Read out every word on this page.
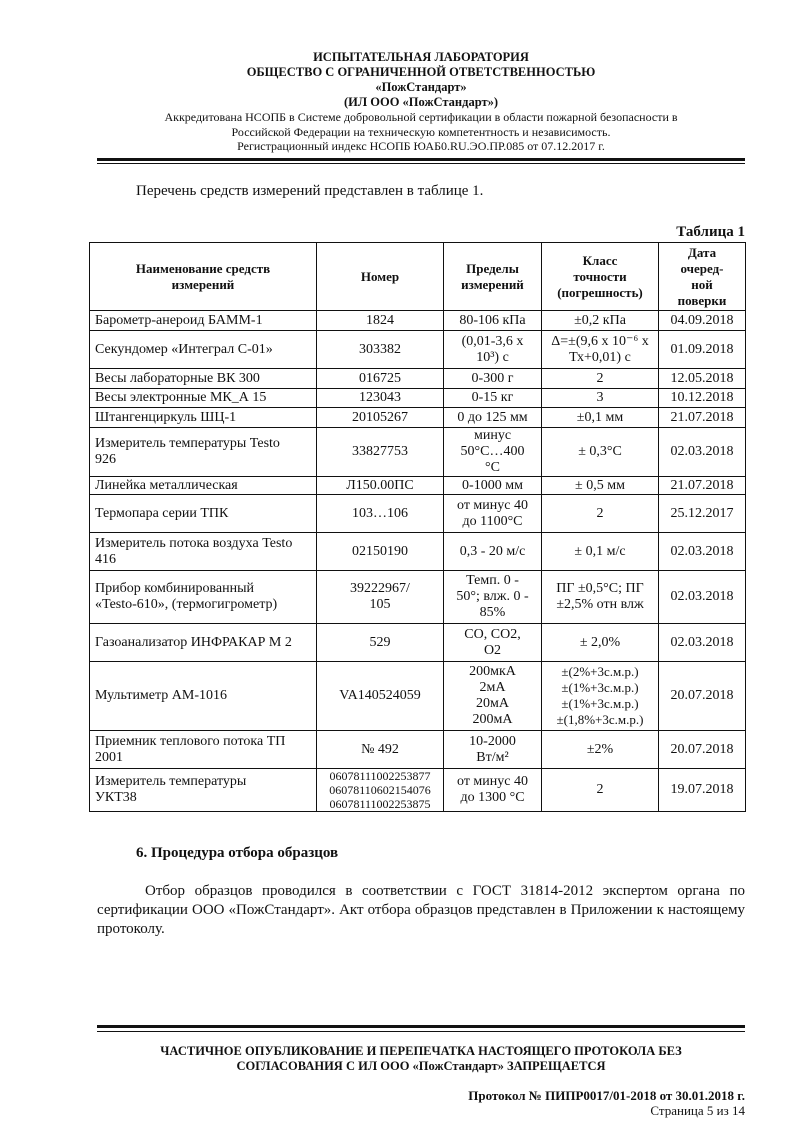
ИСПЫТАТЕЛЬНАЯ ЛАБОРАТОРИЯ
ОБЩЕСТВО С ОГРАНИЧЕННОЙ ОТВЕТСТВЕННОСТЬЮ
«ПожСтандарт»
(ИЛ ООО «ПожСтандарт»)
Аккредитована НСОПБ в Системе добровольной сертификации в области пожарной безопасности в
Российской Федерации на техническую компетентность и независимость.
Регистрационный индекс НСОПБ ЮАБ0.RU.ЭО.ПР.085 от 07.12.2017 г.
Перечень средств измерений представлен в таблице 1.
Таблица 1
Наименование средств
измерений	Номер	Пределы
измерений	Класс
точности
(погрешность)	Дата
очеред-
ной
поверки
Барометр-анероид БАММ-1	1824	80-106 кПа	±0,2 кПа	04.09.2018
Секундомер «Интеграл С-01»	303382	(0,01-3,6 х
10³) с	Δ=±(9,6 х 10⁻⁶ х
Тх+0,01) с	01.09.2018
Весы лабораторные ВК 300	016725	0-300 г	2	12.05.2018
Весы электронные МК_А 15	123043	0-15 кг	3	10.12.2018
Штангенциркуль ШЦ-1	20105267	0 до 125 мм	±0,1 мм	21.07.2018
Измеритель температуры Testo
926	33827753	минус
50°С…400
°С	± 0,3°С	02.03.2018
Линейка металлическая	Л150.00ПС	0-1000 мм	± 0,5 мм	21.07.2018
Термопара серии ТПК	103…106	от минус 40
до 1100°С	2	25.12.2017
Измеритель потока воздуха Testo
416	02150190	0,3 - 20 м/с	± 0,1 м/с	02.03.2018
Прибор комбинированный
«Testo-610», (термогигрометр)	39222967/
105	Темп. 0 -
50°; влж. 0 -
85%	ПГ ±0,5°С; ПГ
±2,5% отн влж	02.03.2018
Газоанализатор ИНФРАКАР М 2	529	СО, СО2,
О2	± 2,0%	02.03.2018
Мультиметр АМ-1016	VA140524059	200мкА
2мА
20мА
200мА	±(2%+3с.м.р.)
±(1%+3с.м.р.)
±(1%+3с.м.р.)
±(1,8%+3с.м.р.)	20.07.2018
Приемник теплового потока ТП
2001	№ 492	10-2000
Вт/м²	±2%	20.07.2018
Измеритель температуры
УКТ38	06078111002253877
06078110602154076
06078111002253875	от минус 40
до 1300 °С	2	19.07.2018
6. Процедура отбора образцов
Отбор образцов проводился в соответствии с ГОСТ 31814-2012 экспертом органа по сертификации ООО «ПожСтандарт». Акт отбора образцов представлен в Приложении к настоящему протоколу.
ЧАСТИЧНОЕ ОПУБЛИКОВАНИЕ И ПЕРЕПЕЧАТКА НАСТОЯЩЕГО ПРОТОКОЛА БЕЗ
СОГЛАСОВАНИЯ С ИЛ ООО «ПожСтандарт» ЗАПРЕЩАЕТСЯ
Протокол № ПИПР0017/01-2018 от 30.01.2018 г.
Страница 5 из 14
